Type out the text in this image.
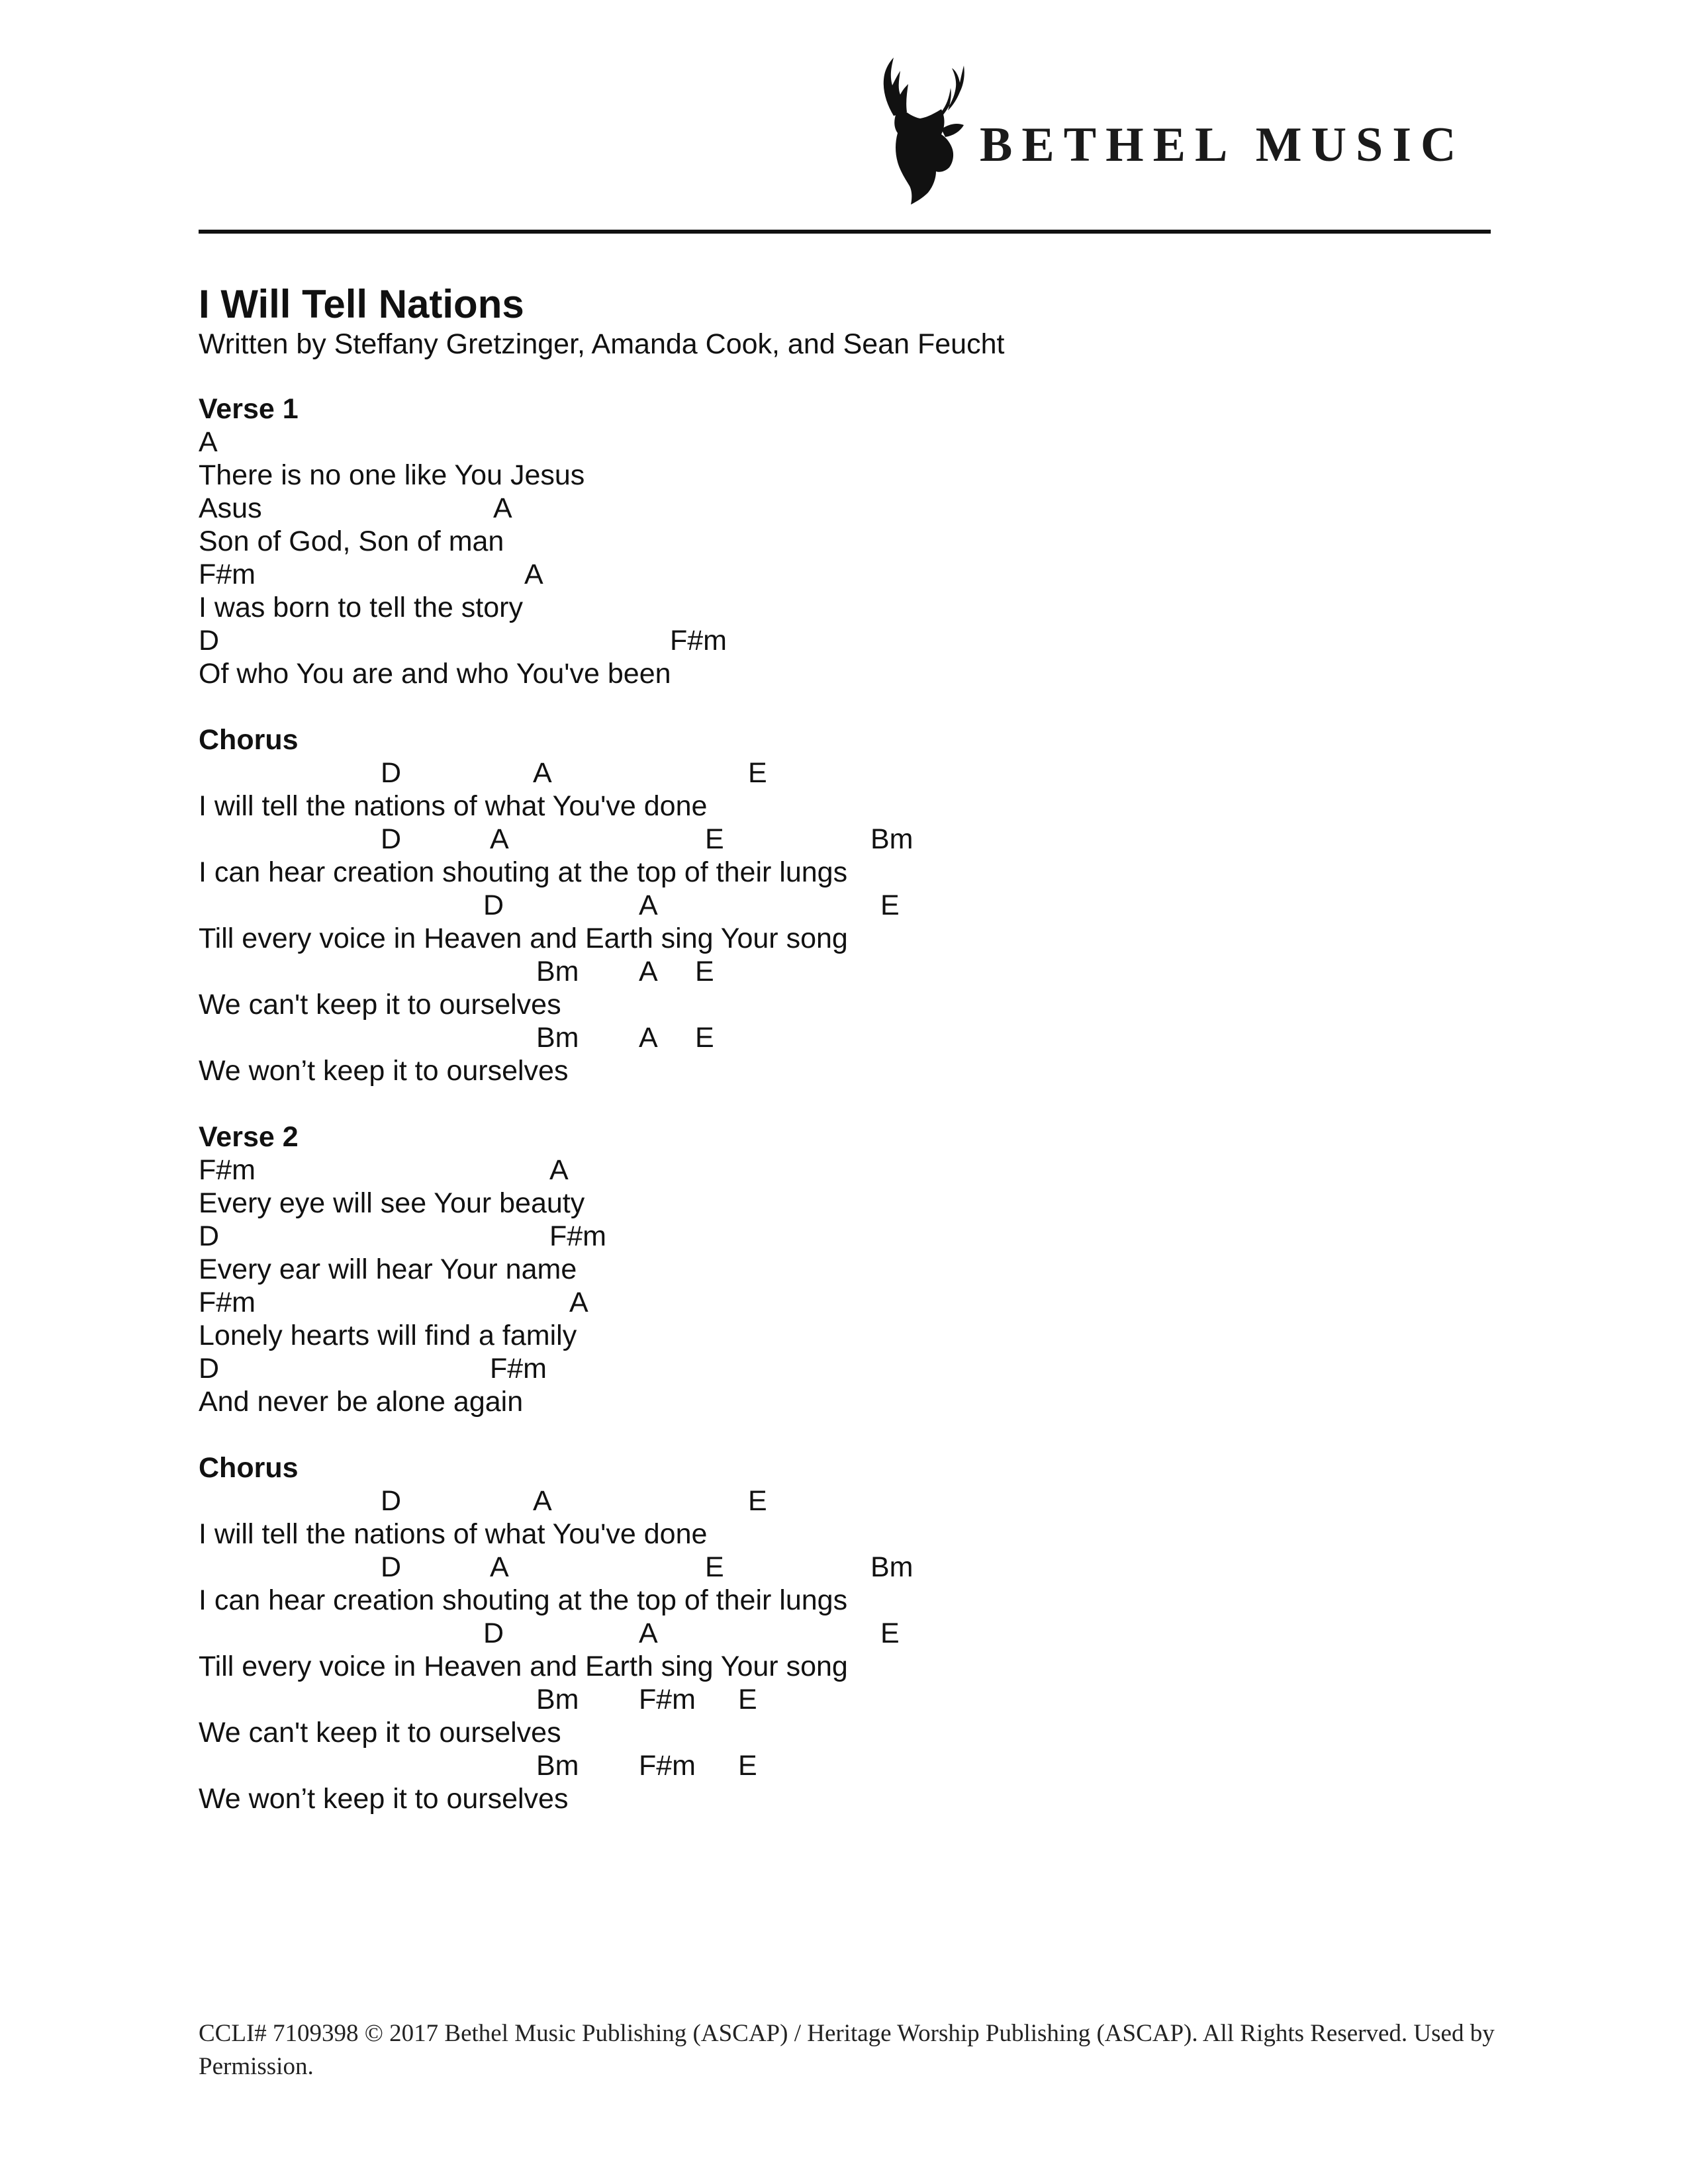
BETHEL MUSIC
I Will Tell Nations
Written by Steffany Gretzinger, Amanda Cook, and Sean Feucht
Verse 1
A
There is no one like You Jesus
Asus	A
Son of God, Son of man
F#m	A
I was born to tell the story
D	F#m
Of who You are and who You've been
Chorus
D	A	E
I will tell the nations of what You've done
D	A	E	Bm
I can hear creation shouting at the top of their lungs
D	A	E
Till every voice in Heaven and Earth sing Your song
Bm A E
We can't keep it to ourselves
Bm A E
We won’t keep it to ourselves
Verse 2
F#m	A
Every eye will see Your beauty
D	F#m
Every ear will hear Your name
F#m	A
Lonely hearts will find a family
D	F#m
And never be alone again
Chorus
D	A	E
I will tell the nations of what You've done
D	A	E	Bm
I can hear creation shouting at the top of their lungs
D	A	E
Till every voice in Heaven and Earth sing Your song
Bm F#m E
We can't keep it to ourselves
Bm F#m E
We won’t keep it to ourselves
CCLI# 7109398 © 2017 Bethel Music Publishing (ASCAP) / Heritage Worship Publishing (ASCAP). All Rights Reserved. Used by Permission.
